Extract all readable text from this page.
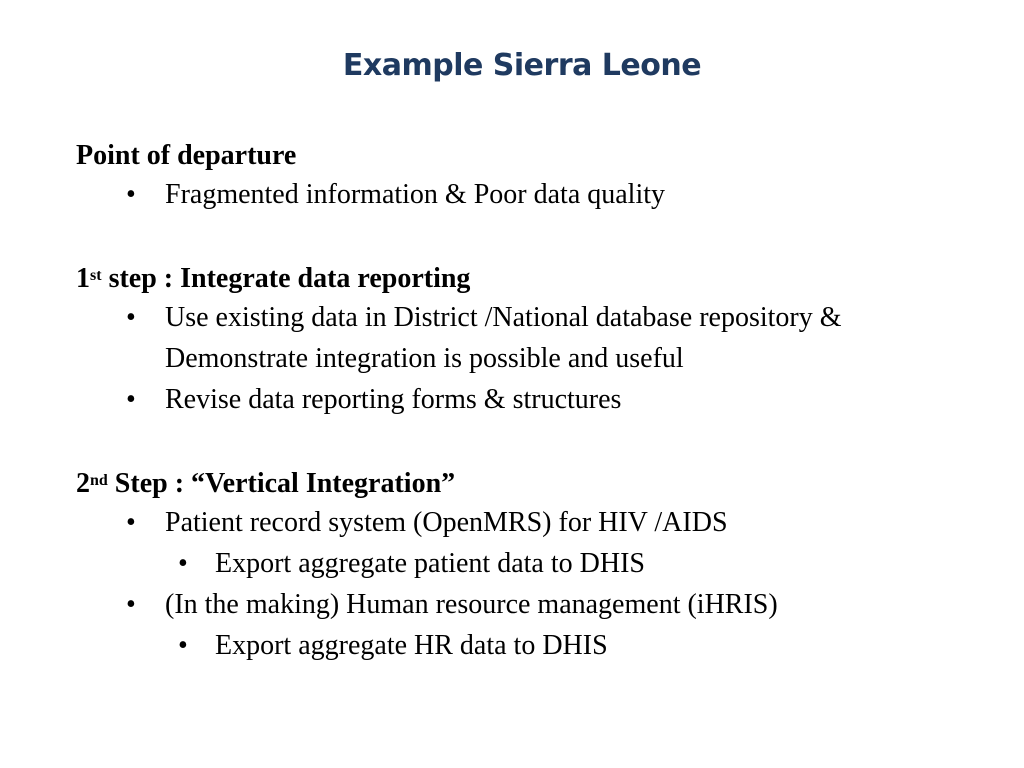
Example Sierra Leone
Point of departure
• Fragmented information & Poor data quality
1st step : Integrate data reporting
• Use existing data in District /National database repository & Demonstrate integration is possible and useful
• Revise data reporting forms & structures
2nd Step : “Vertical Integration”
• Patient record system (OpenMRS) for HIV /AIDS
• Export aggregate patient data to DHIS
• (In the making) Human resource management (iHRIS)
• Export aggregate HR data to DHIS
